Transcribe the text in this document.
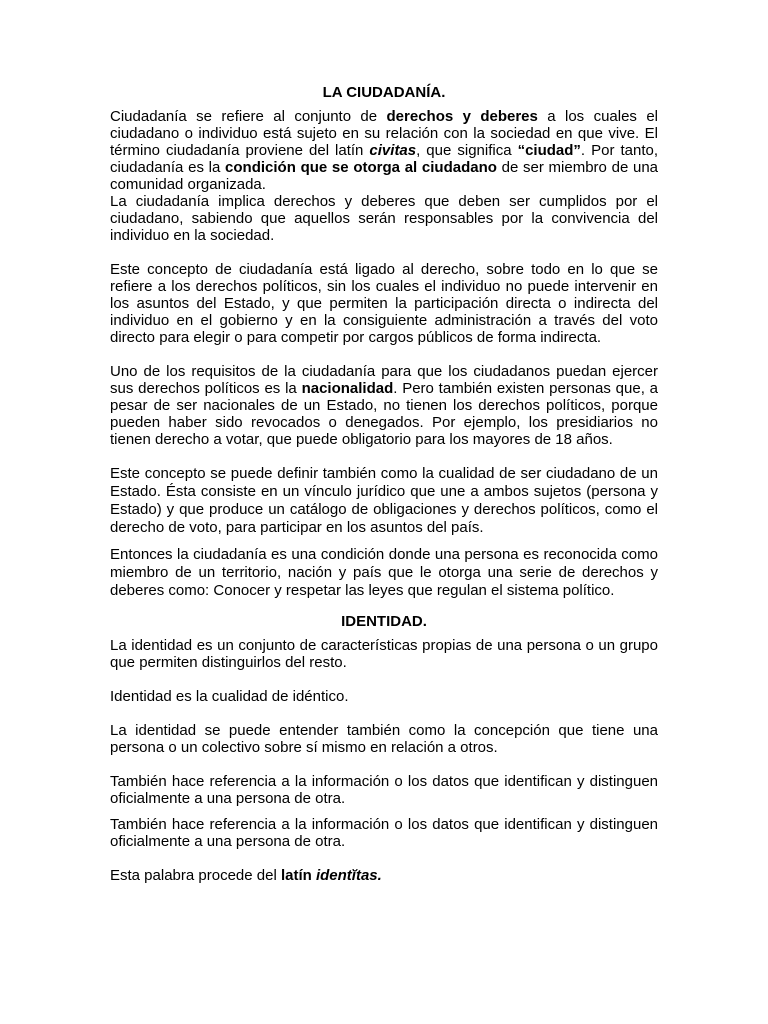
LA CIUDADANÍA.

Ciudadanía se refiere al conjunto de derechos y deberes a los cuales el ciudadano o individuo está sujeto en su relación con la sociedad en que vive. El término ciudadanía proviene del latín civitas, que significa “ciudad”. Por tanto, ciudadanía es la condición que se otorga al ciudadano de ser miembro de una comunidad organizada.

La ciudadanía implica derechos y deberes que deben ser cumplidos por el ciudadano, sabiendo que aquellos serán responsables por la convivencia del individuo en la sociedad.

Este concepto de ciudadanía está ligado al derecho, sobre todo en lo que se refiere a los derechos políticos, sin los cuales el individuo no puede intervenir en los asuntos del Estado, y que permiten la participación directa o indirecta del individuo en el gobierno y en la consiguiente administración a través del voto directo para elegir o para competir por cargos públicos de forma indirecta.

Uno de los requisitos de la ciudadanía para que los ciudadanos puedan ejercer sus derechos políticos es la nacionalidad. Pero también existen personas que, a pesar de ser nacionales de un Estado, no tienen los derechos políticos, porque pueden haber sido revocados o denegados. Por ejemplo, los presidiarios no tienen derecho a votar, que puede obligatorio para los mayores de 18 años.

Este concepto se puede definir también como la cualidad de ser ciudadano de un Estado. Ésta consiste en un vínculo jurídico que une a ambos sujetos (persona y Estado) y que produce un catálogo de obligaciones y derechos políticos, como el derecho de voto, para participar en los asuntos del país.

Entonces la ciudadanía es una condición donde una persona es reconocida como miembro de un territorio, nación y país que le otorga una serie de derechos y deberes como: Conocer y respetar las leyes que regulan el sistema político.

IDENTIDAD.

La identidad es un conjunto de características propias de una persona o un grupo que permiten distinguirlos del resto.

Identidad es la cualidad de idéntico.

La identidad se puede entender también como la concepción que tiene una persona o un colectivo sobre sí mismo en relación a otros.

También hace referencia a la información o los datos que identifican y distinguen oficialmente a una persona de otra.

También hace referencia a la información o los datos que identifican y distinguen oficialmente a una persona de otra.

Esta palabra procede del latín identĭtas.
